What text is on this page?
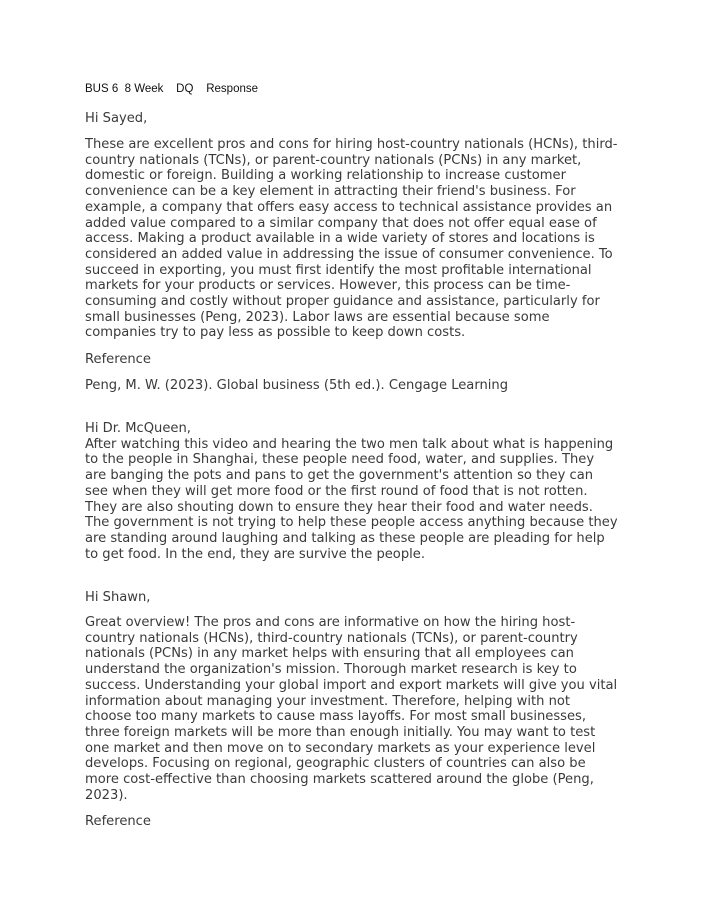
BUS 6  8 Week    DQ    Response
Hi Sayed,
These are excellent pros and cons for hiring host-country nationals (HCNs), third-
country nationals (TCNs), or parent-country nationals (PCNs) in any market,
domestic or foreign. Building a working relationship to increase customer
convenience can be a key element in attracting their friend's business. For
example, a company that offers easy access to technical assistance provides an
added value compared to a similar company that does not offer equal ease of
access. Making a product available in a wide variety of stores and locations is
considered an added value in addressing the issue of consumer convenience. To
succeed in exporting, you must first identify the most profitable international
markets for your products or services. However, this process can be time-
consuming and costly without proper guidance and assistance, particularly for
small businesses (Peng, 2023). Labor laws are essential because some
companies try to pay less as possible to keep down costs.
Reference
Peng, M. W. (2023). Global business (5th ed.). Cengage Learning
Hi Dr. McQueen,
After watching this video and hearing the two men talk about what is happening
to the people in Shanghai, these people need food, water, and supplies. They
are banging the pots and pans to get the government's attention so they can
see when they will get more food or the first round of food that is not rotten.
They are also shouting down to ensure they hear their food and water needs.
The government is not trying to help these people access anything because they
are standing around laughing and talking as these people are pleading for help
to get food. In the end, they are survive the people.
Hi Shawn,
Great overview! The pros and cons are informative on how the hiring host-
country nationals (HCNs), third-country nationals (TCNs), or parent-country
nationals (PCNs) in any market helps with ensuring that all employees can
understand the organization's mission. Thorough market research is key to
success. Understanding your global import and export markets will give you vital
information about managing your investment. Therefore, helping with not
choose too many markets to cause mass layoffs. For most small businesses,
three foreign markets will be more than enough initially. You may want to test
one market and then move on to secondary markets as your experience level
develops. Focusing on regional, geographic clusters of countries can also be
more cost-effective than choosing markets scattered around the globe (Peng,
2023).
Reference
